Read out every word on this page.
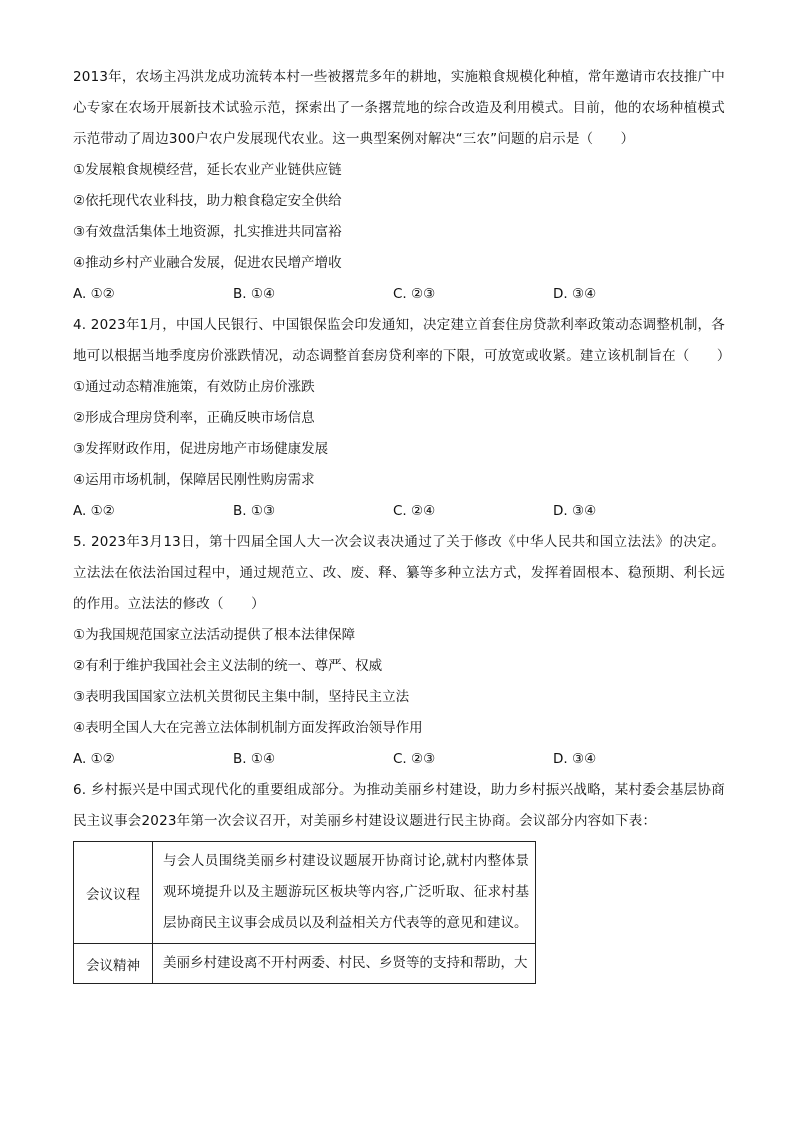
2013年，农场主冯洪龙成功流转本村一些被撂荒多年的耕地，实施粮食规模化种植，常年邀请市农技推广中心专家在农场开展新技术试验示范，探索出了一条撂荒地的综合改造及利用模式。目前，他的农场种植模式示范带动了周边300户农户发展现代农业。这一典型案例对解决“三农”问题的启示是（　　）

①发展粮食规模经营，延长农业产业链供应链

②依托现代农业科技，助力粮食稳定安全供给

③有效盘活集体土地资源，扎实推进共同富裕

④推动乡村产业融合发展，促进农民增产增收

A. ①②	B. ①④	C. ②③	D. ③④

4. 2023年1月，中国人民银行、中国银保监会印发通知，决定建立首套住房贷款利率政策动态调整机制，各地可以根据当地季度房价涨跌情况，动态调整首套房贷利率的下限，可放宽或收紧。建立该机制旨在（　　）

①通过动态精准施策，有效防止房价涨跌

②形成合理房贷利率，正确反映市场信息

③发挥财政作用，促进房地产市场健康发展

④运用市场机制，保障居民刚性购房需求

A. ①②	B. ①③	C. ②④	D. ③④

5. 2023年3月13日，第十四届全国人大一次会议表决通过了关于修改《中华人民共和国立法法》的决定。立法法在依法治国过程中，通过规范立、改、废、释、纂等多种立法方式，发挥着固根本、稳预期、利长远的作用。立法法的修改（　　）

①为我国规范国家立法活动提供了根本法律保障

②有利于维护我国社会主义法制的统一、尊严、权威

③表明我国国家立法机关贯彻民主集中制，坚持民主立法

④表明全国人大在完善立法体制机制方面发挥政治领导作用

A. ①②	B. ①④	C. ②③	D. ③④

6. 乡村振兴是中国式现代化的重要组成部分。为推动美丽乡村建设，助力乡村振兴战略，某村委会基层协商民主议事会2023年第一次会议召开，对美丽乡村建设议题进行民主协商。会议部分内容如下表：

会议议程	与会人员围绕美丽乡村建设议题展开协商讨论,就村内整体景观环境提升以及主题游玩区板块等内容,广泛听取、征求村基层协商民主议事会成员以及利益相关方代表等的意见和建议。
会议精神	美丽乡村建设离不开村两委、村民、乡贤等的支持和帮助，大
